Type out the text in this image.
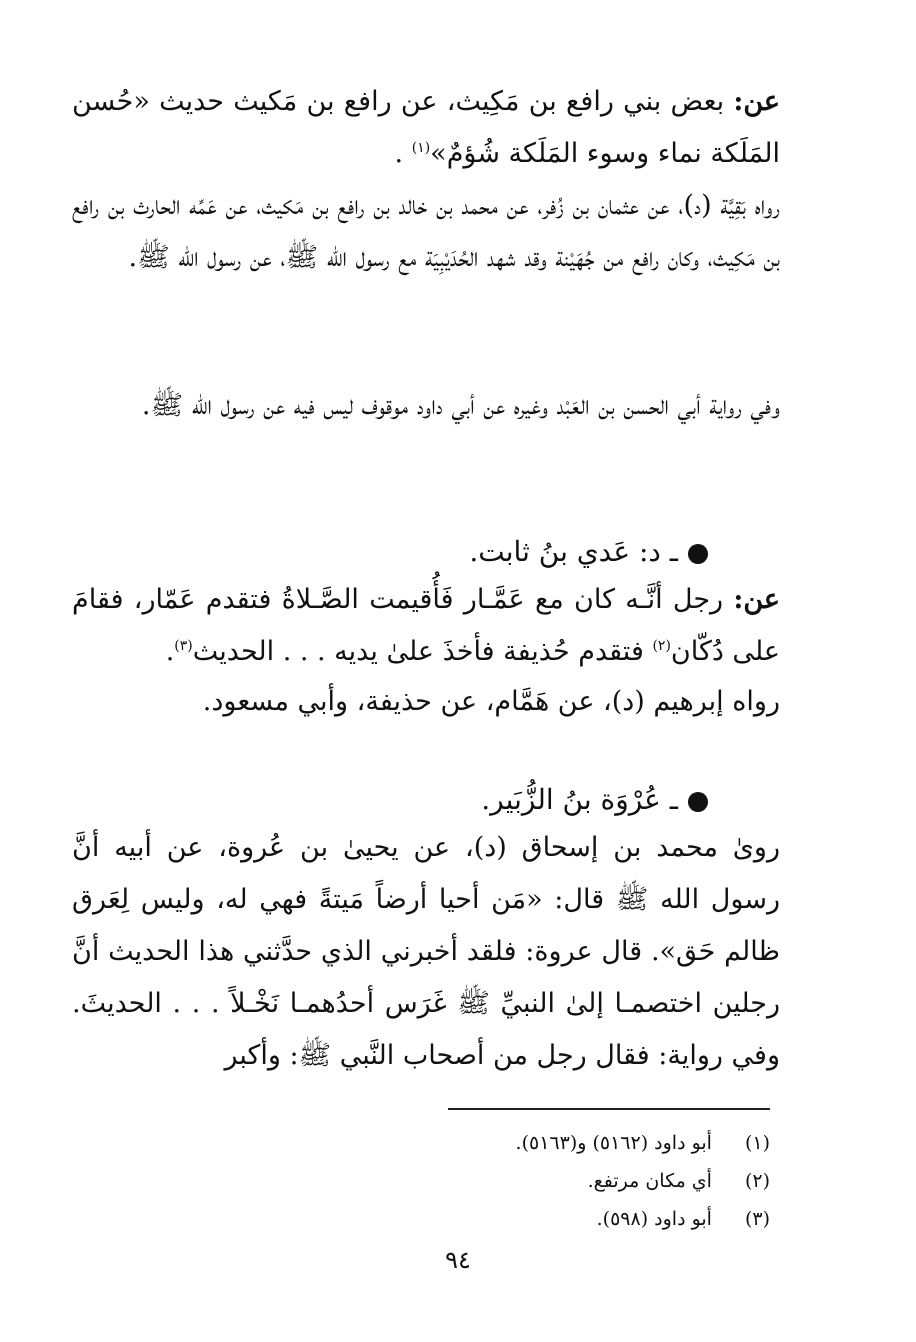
عن: بعض بني رافع بن مَكِيث، عن رافع بن مَكيث حديث «حُسن المَلَكة نماء وسوء المَلَكة شُؤمٌ»$^{(١)}$ .

رواه بَقِيَّة (د)، عن عثمان بن زُفر، عن محمد بن خالد بن رافع بن مَكيث، عن عَمِّه الحارث بن رافع بن مَكِيث، وكان رافع من جُهَيْنة وقد شهد الحُدَيْبِيَة مع رسول الله ﷺ، عن رسول الله ﷺ.

وفي رواية أبي الحسن بن العَبْد وغيره عن أبي داود موقوف ليس فيه عن رسول الله ﷺ.

ـ د: عَدي بنُ ثابت.

عن: رجل أنَّـه كان مع عَمَّـار فَأُقيمت الصَّـلاةُ فتقدم عَمّار، فقامَ على دُكّان$^{(٢)}$ فتقدم حُذيفة فأخذَ علىٰ يديه . . . الحديث$^{(٣)}$.

رواه إبرهيم (د)، عن هَمَّام، عن حذيفة، وأبي مسعود.

ـ عُرْوَة بنُ الزُّبَير.

روىٰ محمد بن إسحاق (د)، عن يحيىٰ بن عُروة، عن أبيه أنَّ رسول الله ﷺ قال: «مَن أحيا أرضاً مَيتةً فهي له، وليس لِعَرق ظالم حَق». قال عروة: فلقد أخبرني الذي حدَّثني هذا الحديث أنَّ رجلين اختصمـا إلىٰ النبيِّ ﷺ غَرَس أحدُهمـا نَخْـلاً . . . الحديثَ. وفي رواية: فقال رجل من أصحاب النَّبي ﷺ: وأكبر

(١) أبو داود (٥١٦٢) و(٥١٦٣).
(٢) أي مكان مرتفع.
(٣) أبو داود (٥٩٨).
٩٤
